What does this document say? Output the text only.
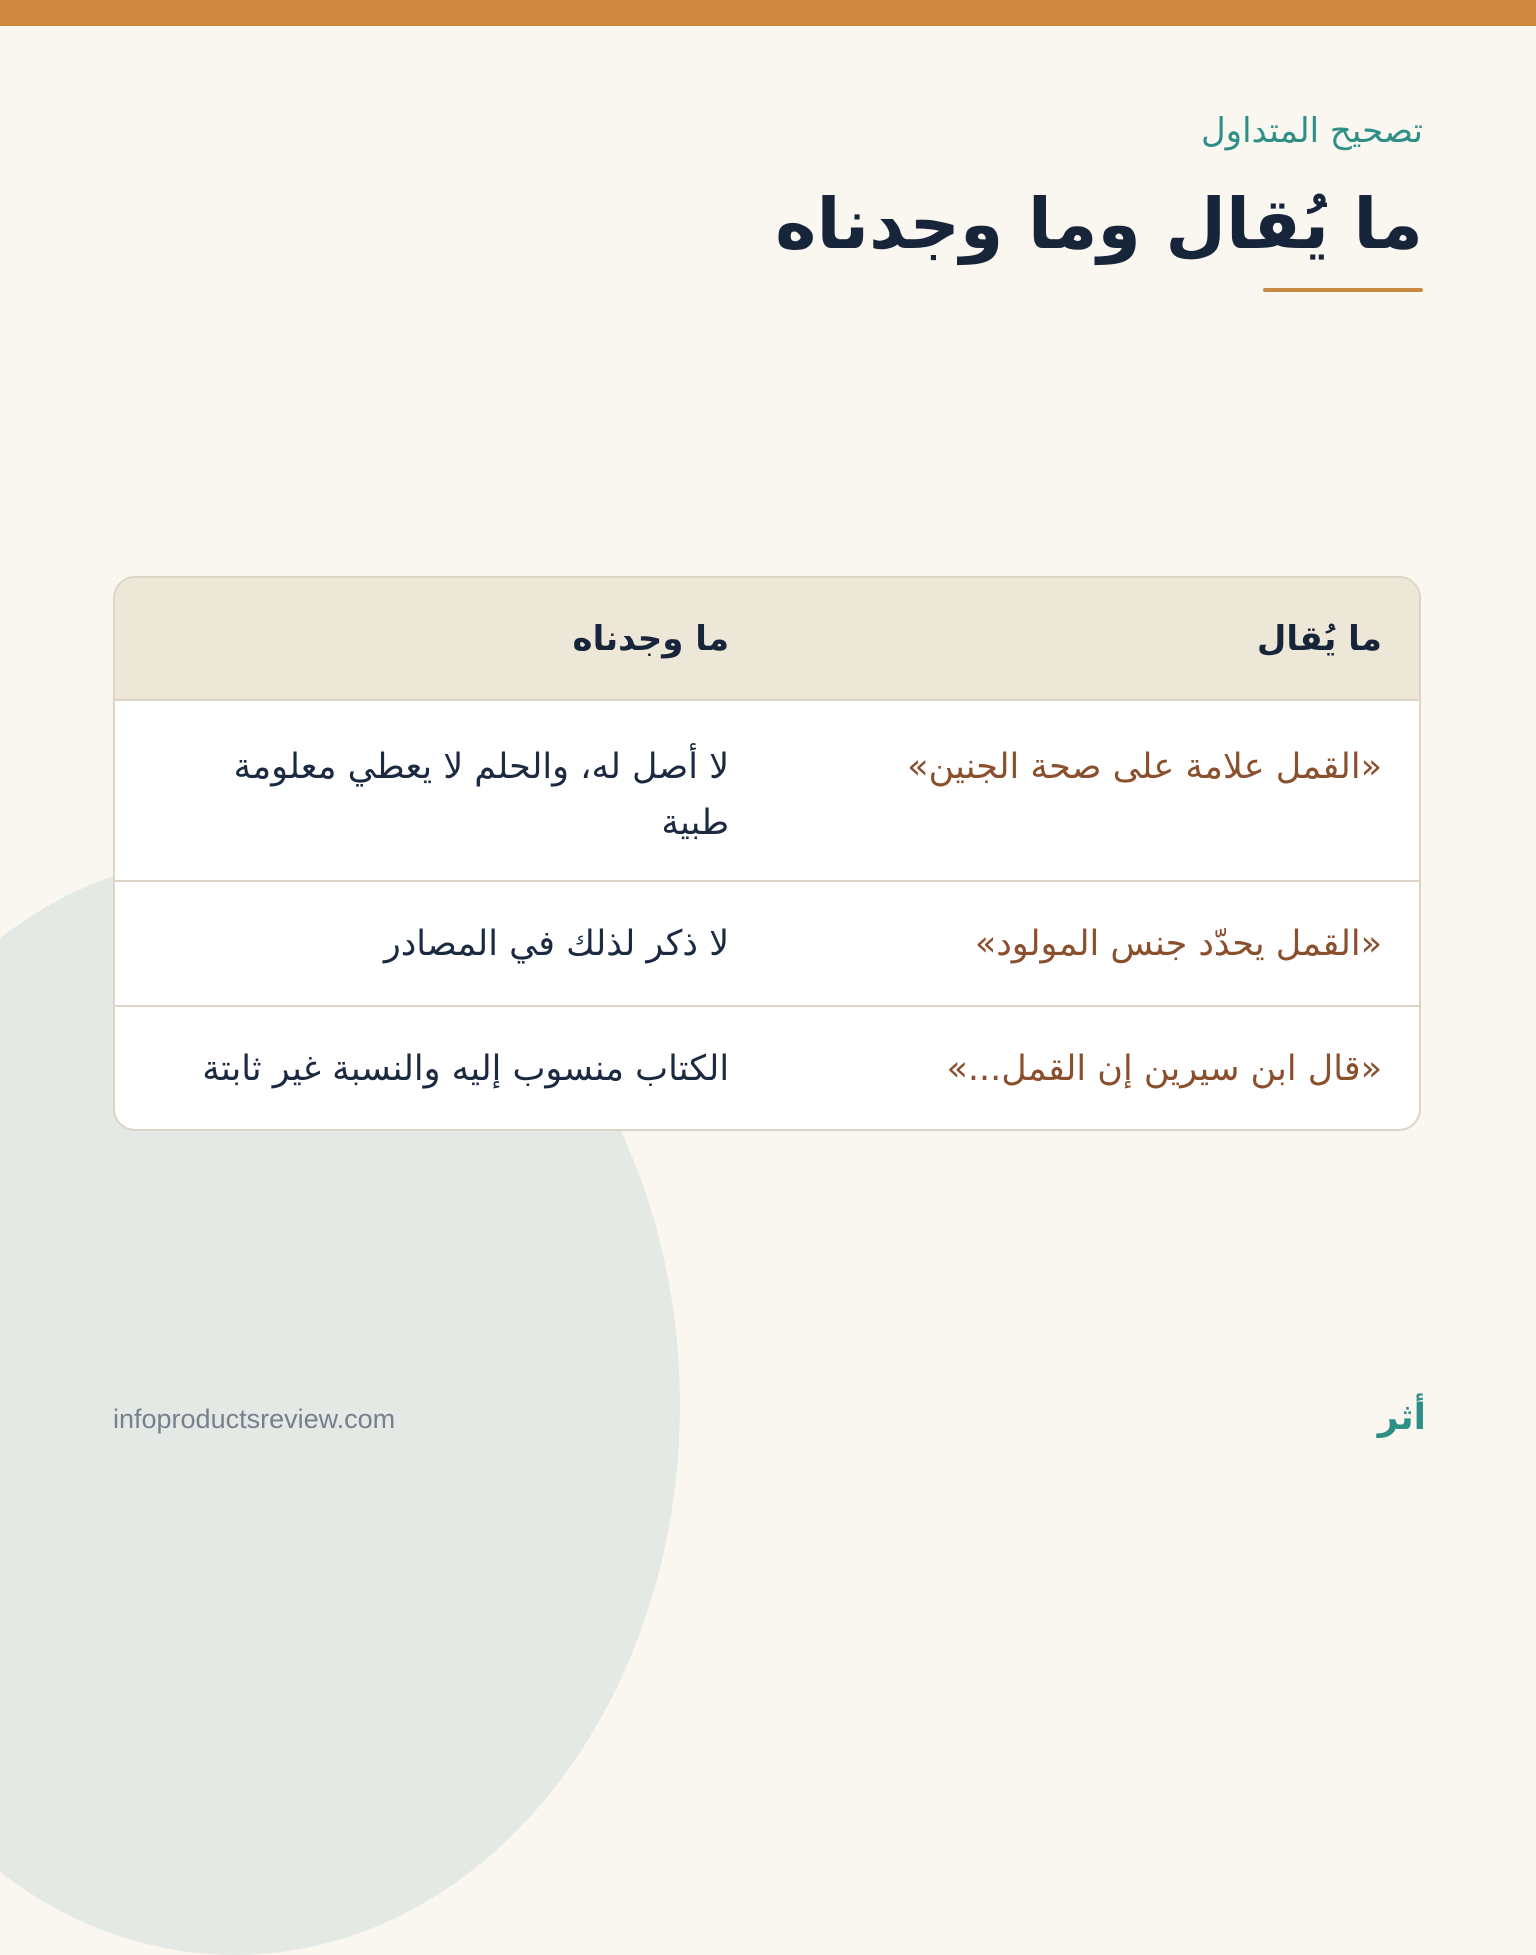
تصحيح المتداول
ما يُقال وما وجدناه
ما يُقال
ما وجدناه
«القمل علامة على صحة الجنين»
لا أصل له، والحلم لا يعطي معلومة طبية
«القمل يحدّد جنس المولود»
لا ذكر لذلك في المصادر
«قال ابن سيرين إن القمل...»
الكتاب منسوب إليه والنسبة غير ثابتة
infoproductsreview.com	أثر
